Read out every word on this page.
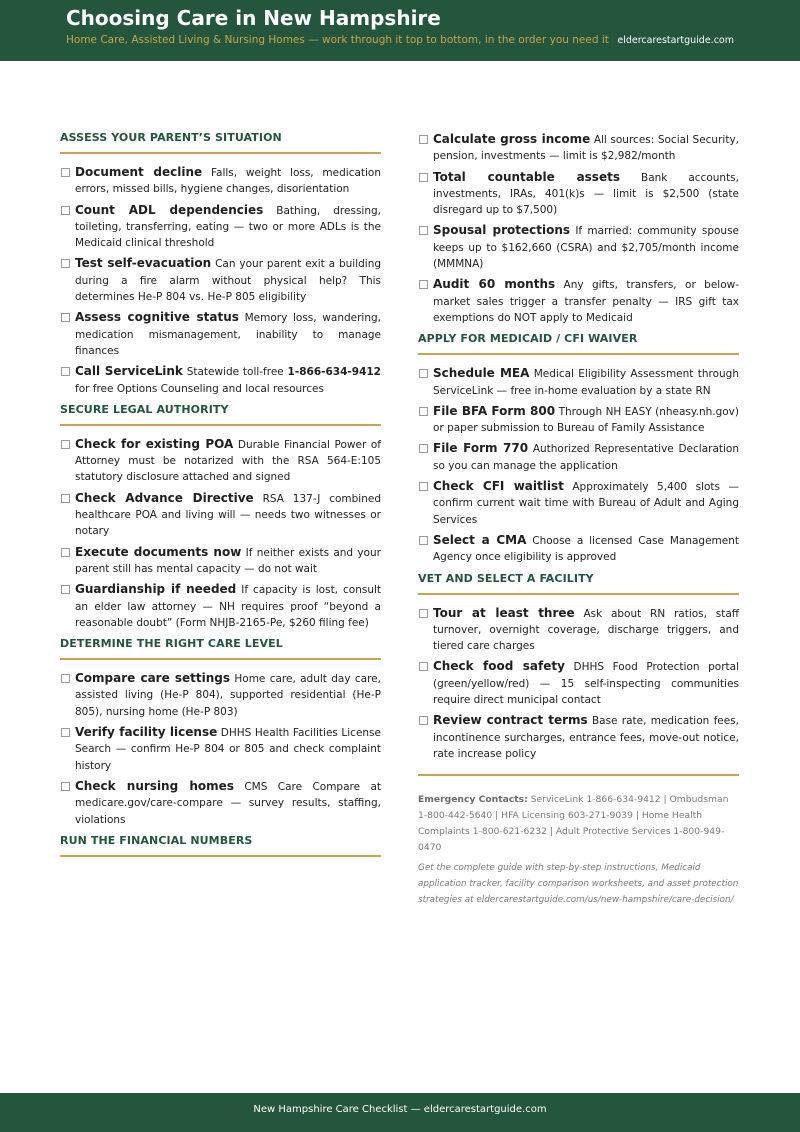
Choosing Care in New Hampshire
Home Care, Assisted Living & Nursing Homes — work through it top to bottom, in the order you need it eldercarestartguide.com
ASSESS YOUR PARENT’S SITUATION
Document decline Falls, weight loss, medication errors, missed bills, hygiene changes, disorientation
Count ADL dependencies Bathing, dressing, toileting, transferring, eating — two or more ADLs is the Medicaid clinical threshold
Test self-evacuation Can your parent exit a building during a fire alarm without physical help? This determines He-P 804 vs. He-P 805 eligibility
Assess cognitive status Memory loss, wandering, medication mismanagement, inability to manage finances
Call ServiceLink Statewide toll-free 1-866-634-9412 for free Options Counseling and local resources
SECURE LEGAL AUTHORITY
Check for existing POA Durable Financial Power of Attorney must be notarized with the RSA 564-E:105 statutory disclosure attached and signed
Check Advance Directive RSA 137-J combined healthcare POA and living will — needs two witnesses or notary
Execute documents now If neither exists and your parent still has mental capacity — do not wait
Guardianship if needed If capacity is lost, consult an elder law attorney — NH requires proof “beyond a reasonable doubt” (Form NHJB-2165-Pe, $260 filing fee)
DETERMINE THE RIGHT CARE LEVEL
Compare care settings Home care, adult day care, assisted living (He-P 804), supported residential (He-P 805), nursing home (He-P 803)
Verify facility license DHHS Health Facilities License Search — confirm He-P 804 or 805 and check complaint history
Check nursing homes CMS Care Compare at medicare.gov/care-compare — survey results, staffing, violations
RUN THE FINANCIAL NUMBERS
Calculate gross income All sources: Social Security, pension, investments — limit is $2,982/month
Total countable assets Bank accounts, investments, IRAs, 401(k)s — limit is $2,500 (state disregard up to $7,500)
Spousal protections If married: community spouse keeps up to $162,660 (CSRA) and $2,705/month income (MMMNA)
Audit 60 months Any gifts, transfers, or below-market sales trigger a transfer penalty — IRS gift tax exemptions do NOT apply to Medicaid
APPLY FOR MEDICAID / CFI WAIVER
Schedule MEA Medical Eligibility Assessment through ServiceLink — free in-home evaluation by a state RN
File BFA Form 800 Through NH EASY (nheasy.nh.gov) or paper submission to Bureau of Family Assistance
File Form 770 Authorized Representative Declaration so you can manage the application
Check CFI waitlist Approximately 5,400 slots — confirm current wait time with Bureau of Adult and Aging Services
Select a CMA Choose a licensed Case Management Agency once eligibility is approved
VET AND SELECT A FACILITY
Tour at least three Ask about RN ratios, staff turnover, overnight coverage, discharge triggers, and tiered care charges
Check food safety DHHS Food Protection portal (green/yellow/red) — 15 self-inspecting communities require direct municipal contact
Review contract terms Base rate, medication fees, incontinence surcharges, entrance fees, move-out notice, rate increase policy
Emergency Contacts: ServiceLink 1-866-634-9412 | Ombudsman 1-800-442-5640 | HFA Licensing 603-271-9039 | Home Health Complaints 1-800-621-6232 | Adult Protective Services 1-800-949-0470
Get the complete guide with step-by-step instructions, Medicaid application tracker, facility comparison worksheets, and asset protection strategies at eldercarestartguide.com/us/new-hampshire/care-decision/
New Hampshire Care Checklist — eldercarestartguide.com
